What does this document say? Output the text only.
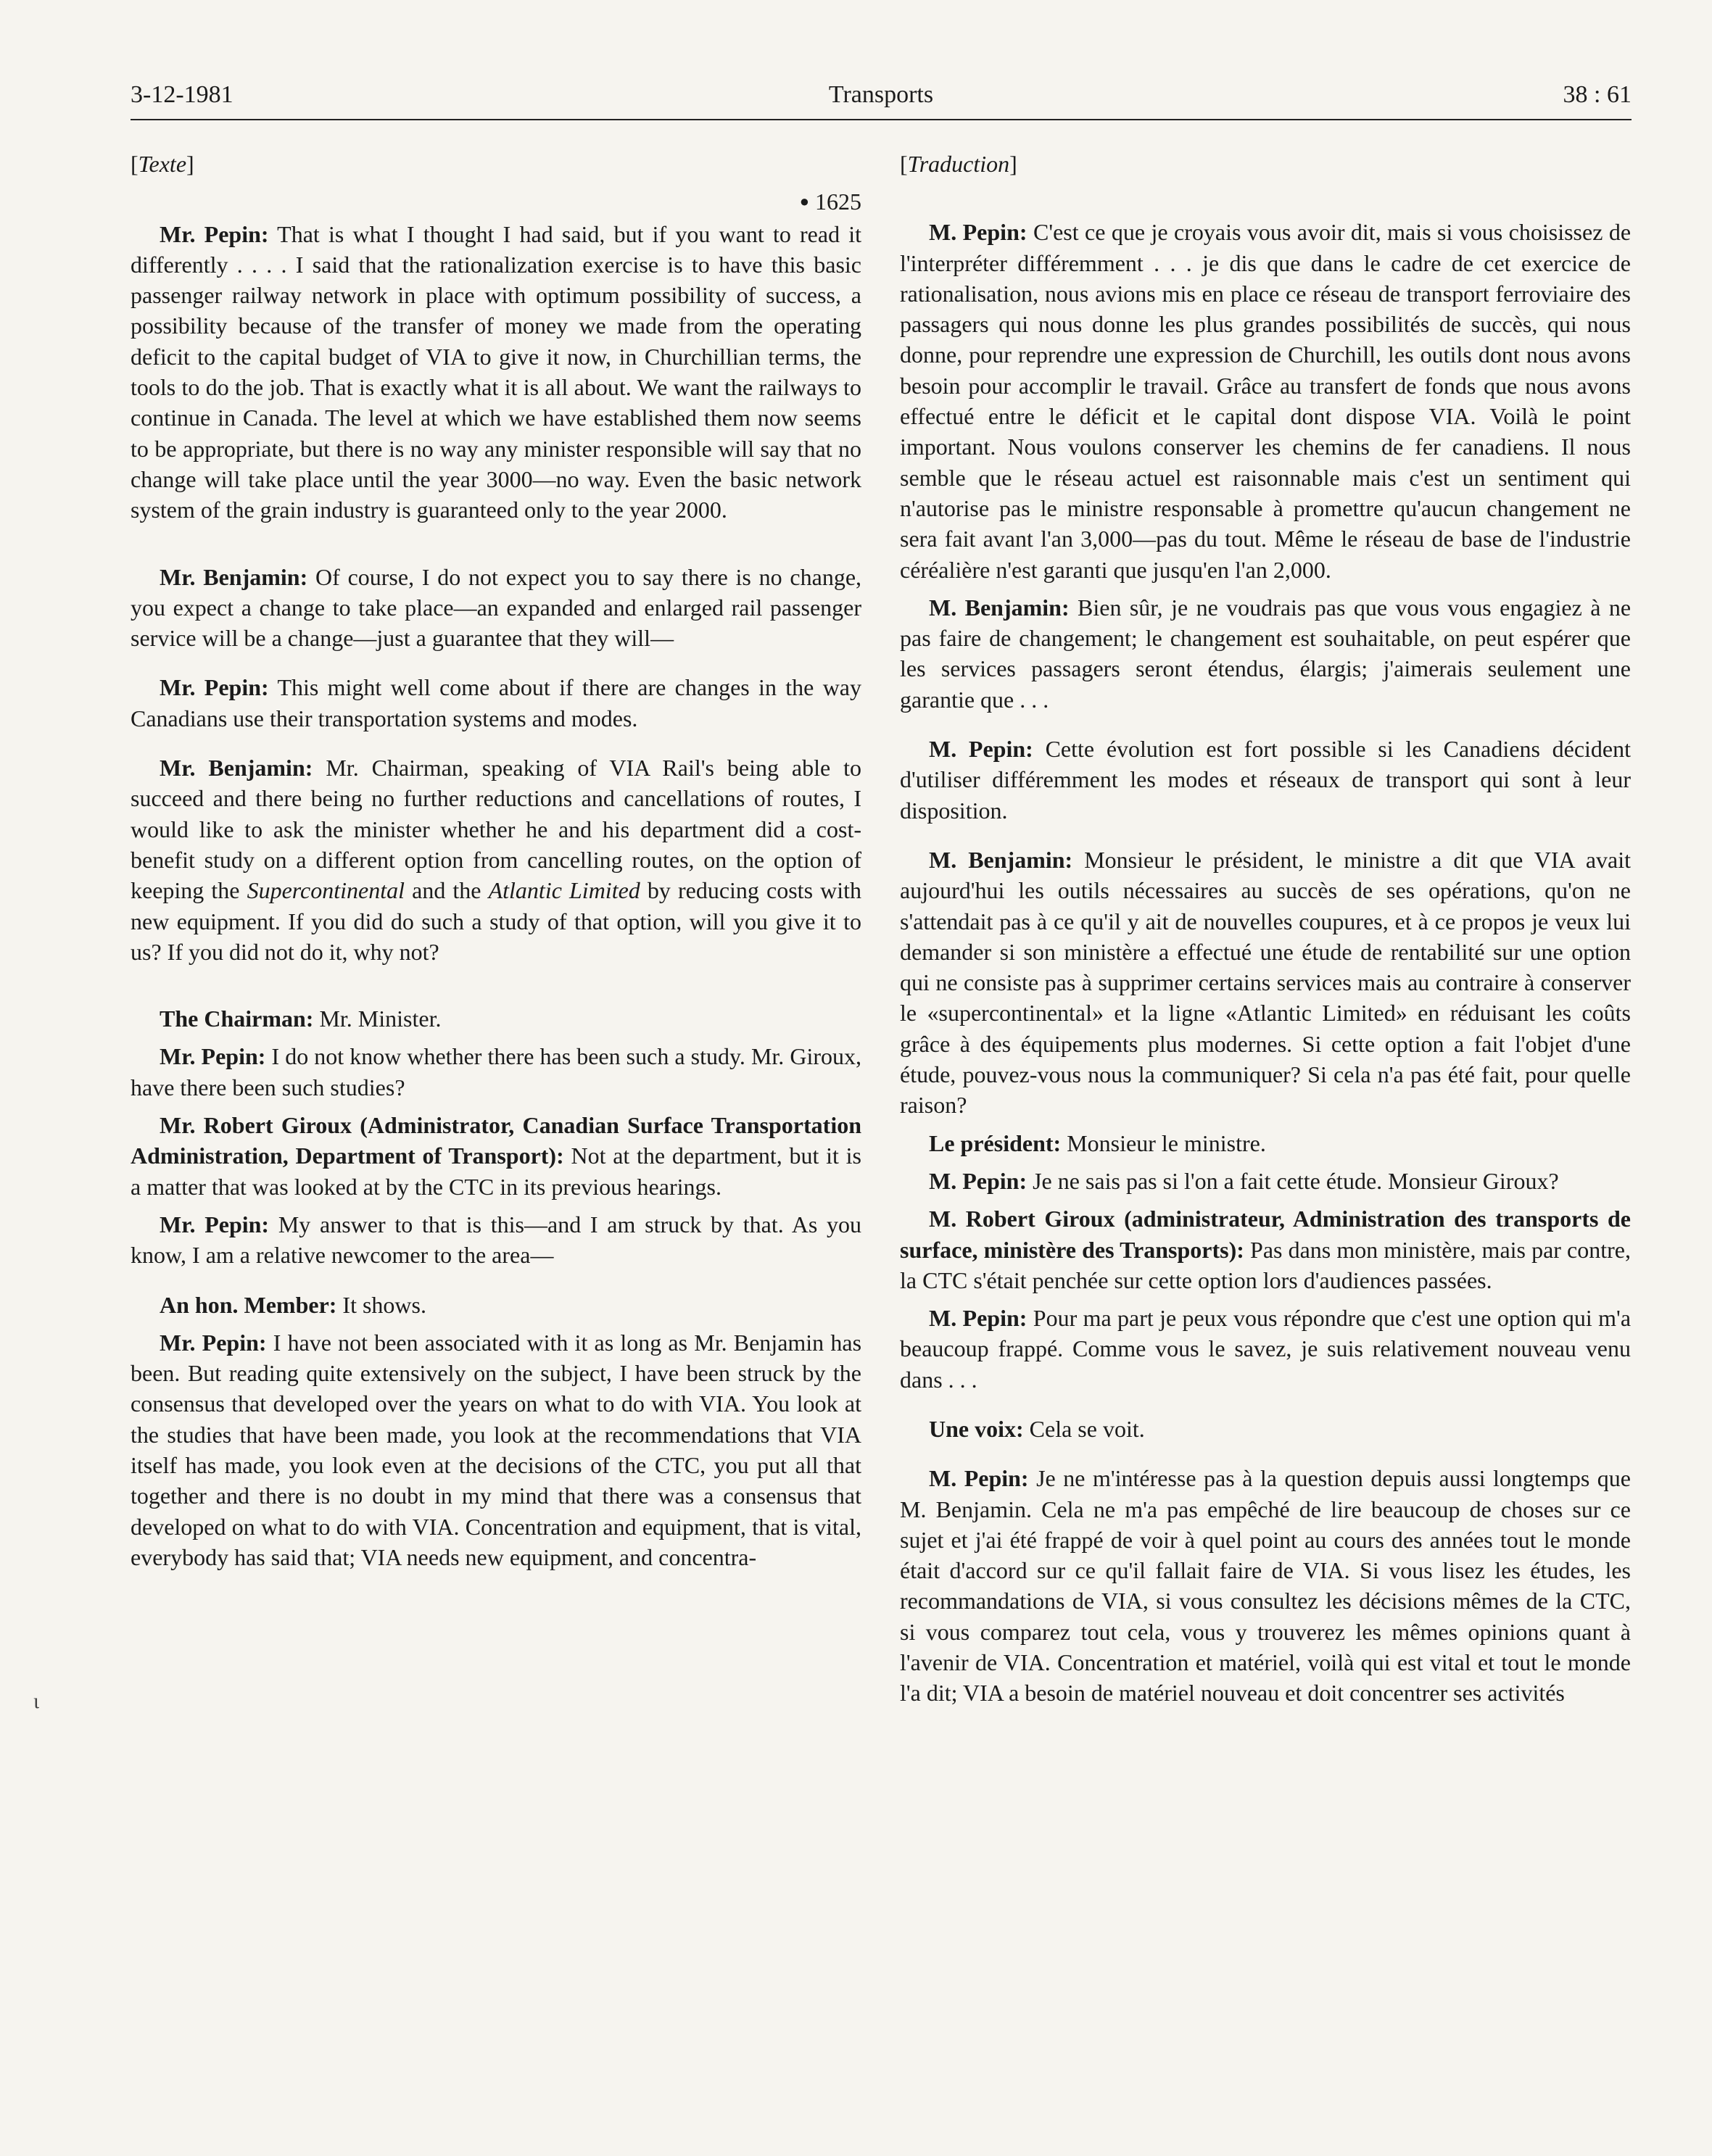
3-12-1981	Transports	38 : 61
[Texte]
● 1625

Mr. Pepin: That is what I thought I had said, but if you want to read it differently . . . . I said that the rationalization exercise is to have this basic passenger railway network in place with optimum possibility of success, a possibility because of the transfer of money we made from the operating deficit to the capital budget of VIA to give it now, in Churchillian terms, the tools to do the job. That is exactly what it is all about. We want the railways to continue in Canada. The level at which we have established them now seems to be appropriate, but there is no way any minister responsible will say that no change will take place until the year 3000—no way. Even the basic network system of the grain industry is guaranteed only to the year 2000.

Mr. Benjamin: Of course, I do not expect you to say there is no change, you expect a change to take place—an expanded and enlarged rail passenger service will be a change—just a guarantee that they will—

Mr. Pepin: This might well come about if there are changes in the way Canadians use their transportation systems and modes.

Mr. Benjamin: Mr. Chairman, speaking of VIA Rail's being able to succeed and there being no further reductions and cancellations of routes, I would like to ask the minister whether he and his department did a cost-benefit study on a different option from cancelling routes, on the option of keeping the Supercontinental and the Atlantic Limited by reducing costs with new equipment. If you did do such a study of that option, will you give it to us? If you did not do it, why not?

The Chairman: Mr. Minister.

Mr. Pepin: I do not know whether there has been such a study. Mr. Giroux, have there been such studies?

Mr. Robert Giroux (Administrator, Canadian Surface Transportation Administration, Department of Transport): Not at the department, but it is a matter that was looked at by the CTC in its previous hearings.

Mr. Pepin: My answer to that is this—and I am struck by that. As you know, I am a relative newcomer to the area—

An hon. Member: It shows.

Mr. Pepin: I have not been associated with it as long as Mr. Benjamin has been. But reading quite extensively on the subject, I have been struck by the consensus that developed over the years on what to do with VIA. You look at the studies that have been made, you look at the recommendations that VIA itself has made, you look even at the decisions of the CTC, you put all that together and there is no doubt in my mind that there was a consensus that developed on what to do with VIA. Concentration and equipment, that is vital, everybody has said that; VIA needs new equipment, and concentra-

[Traduction]

M. Pepin: C'est ce que je croyais vous avoir dit, mais si vous choisissez de l'interpréter différemment . . . je dis que dans le cadre de cet exercice de rationalisation, nous avions mis en place ce réseau de transport ferroviaire des passagers qui nous donne les plus grandes possibilités de succès, qui nous donne, pour reprendre une expression de Churchill, les outils dont nous avons besoin pour accomplir le travail. Grâce au transfert de fonds que nous avons effectué entre le déficit et le capital dont dispose VIA. Voilà le point important. Nous voulons conserver les chemins de fer canadiens. Il nous semble que le réseau actuel est raisonnable mais c'est un sentiment qui n'autorise pas le ministre responsable à promettre qu'aucun changement ne sera fait avant l'an 3,000—pas du tout. Même le réseau de base de l'industrie céréalière n'est garanti que jusqu'en l'an 2,000.

M. Benjamin: Bien sûr, je ne voudrais pas que vous vous engagiez à ne pas faire de changement; le changement est souhaitable, on peut espérer que les services passagers seront étendus, élargis; j'aimerais seulement une garantie que . . .

M. Pepin: Cette évolution est fort possible si les Canadiens décident d'utiliser différemment les modes et réseaux de transport qui sont à leur disposition.

M. Benjamin: Monsieur le président, le ministre a dit que VIA avait aujourd'hui les outils nécessaires au succès de ses opérations, qu'on ne s'attendait pas à ce qu'il y ait de nouvelles coupures, et à ce propos je veux lui demander si son ministère a effectué une étude de rentabilité sur une option qui ne consiste pas à supprimer certains services mais au contraire à conserver le «supercontinental» et la ligne «Atlantic Limited» en réduisant les coûts grâce à des équipements plus modernes. Si cette option a fait l'objet d'une étude, pouvez-vous nous la communiquer? Si cela n'a pas été fait, pour quelle raison?

Le président: Monsieur le ministre.

M. Pepin: Je ne sais pas si l'on a fait cette étude. Monsieur Giroux?

M. Robert Giroux (administrateur, Administration des transports de surface, ministère des Transports): Pas dans mon ministère, mais par contre, la CTC s'était penchée sur cette option lors d'audiences passées.

M. Pepin: Pour ma part je peux vous répondre que c'est une option qui m'a beaucoup frappé. Comme vous le savez, je suis relativement nouveau venu dans . . .

Une voix: Cela se voit.

M. Pepin: Je ne m'intéresse pas à la question depuis aussi longtemps que M. Benjamin. Cela ne m'a pas empêché de lire beaucoup de choses sur ce sujet et j'ai été frappé de voir à quel point au cours des années tout le monde était d'accord sur ce qu'il fallait faire de VIA. Si vous lisez les études, les recommandations de VIA, si vous consultez les décisions mêmes de la CTC, si vous comparez tout cela, vous y trouverez les mêmes opinions quant à l'avenir de VIA. Concentration et matériel, voilà qui est vital et tout le monde l'a dit; VIA a besoin de matériel nouveau et doit concentrer ses activités

ι
